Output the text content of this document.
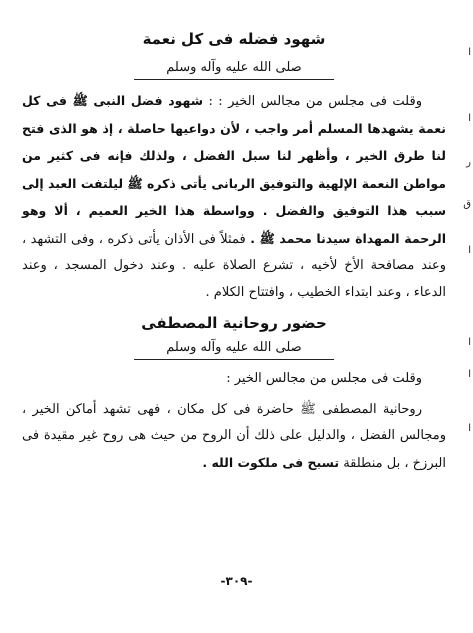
ا
ا
ر
ق
ا
ا
ا
ا
شهود فضله فى كل نعمة
صلى الله عليه وآله وسلم

وقلت فى مجلس من مجالس الخير : : شهود فضل النبى ﷺ فى كل نعمة يشهدها المسلم أمر واجب ، لأن دواعيها حاصلة ، إذ هو الذى فتح لنا طرق الخير ، وأظهر لنا سبل الفضل ، ولذلك فإنه فى كثير من مواطن النعمة الإلهية والتوفيق الربانى يأتى ذكره ﷺ ليلتفت العبد إلى سبب هذا التوفيق والفضل . وواسطة هذا الخير العميم ، ألا وهو الرحمة المهداة سيدنا محمد ﷺ . فمثلاً فى الأذان يأتى ذكره ، وفى التشهد ، وعند مصافحة الأخ لأخيه ، تشرع الصلاة عليه . وعند دخول المسجد ، وعند الدعاء ، وعند ابتداء الخطيب ، وافتتاح الكلام .

حضور روحانية المصطفى
صلى الله عليه وآله وسلم

وقلت فى مجلس من مجالس الخير :

روحانية المصطفى ﷺ حاضرة فى كل مكان ، فهى تشهد أماكن الخير ، ومجالس الفضل ، والدليل على ذلك أن الروح من حيث هى روح غير مقيدة فى البرزخ ، بل منطلقة تسبح فى ملكوت الله .

-٣٠٩-
